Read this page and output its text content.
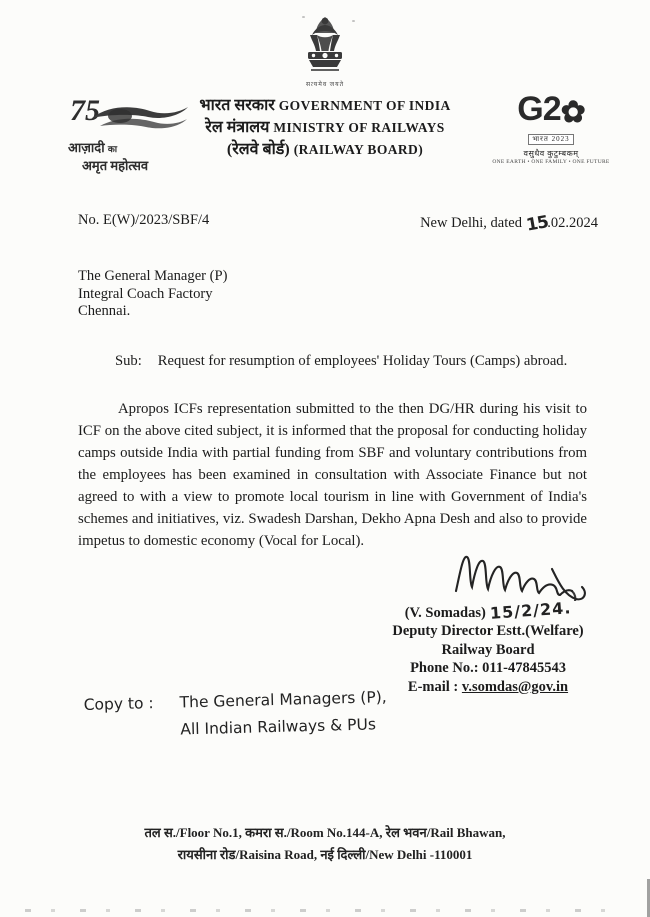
सत्यमेव जयते
भारत सरकार GOVERNMENT OF INDIA
रेल मंत्रालय MINISTRY OF RAILWAYS
(रेलवे बोर्ड) (RAILWAY BOARD)
75
आज़ादी का
अमृत महोत्सव
G2✿
भारत 2023
वसुधैव कुटुम्बकम्
ONE EARTH • ONE FAMILY • ONE FUTURE
No. E(W)/2023/SBF/4	New Delhi, dated 15.02.2024
The General Manager (P)
Integral Coach Factory
Chennai.
Sub: Request for resumption of employees' Holiday Tours (Camps) abroad.
Apropos ICFs representation submitted to the then DG/HR during his visit to ICF on the above cited subject, it is informed that the proposal for conducting holiday camps outside India with partial funding from SBF and voluntary contributions from the employees has been examined in consultation with Associate Finance but not agreed to with a view to promote local tourism in line with Government of India's schemes and initiatives, viz. Swadesh Darshan, Dekho Apna Desh and also to provide impetus to domestic economy (Vocal for Local).
(V. Somadas) 15/2/24.
Deputy Director Estt.(Welfare)
Railway Board
Phone No.: 011-47845543
E-mail : v.somdas@gov.in
Copy to :	The General Managers (P),
All Indian Railways & PUs
तल स./Floor No.1, कमरा स./Room No.144-A, रेल भवन/Rail Bhawan,
रायसीना रोड/Raisina Road, नई दिल्ली/New Delhi -110001
